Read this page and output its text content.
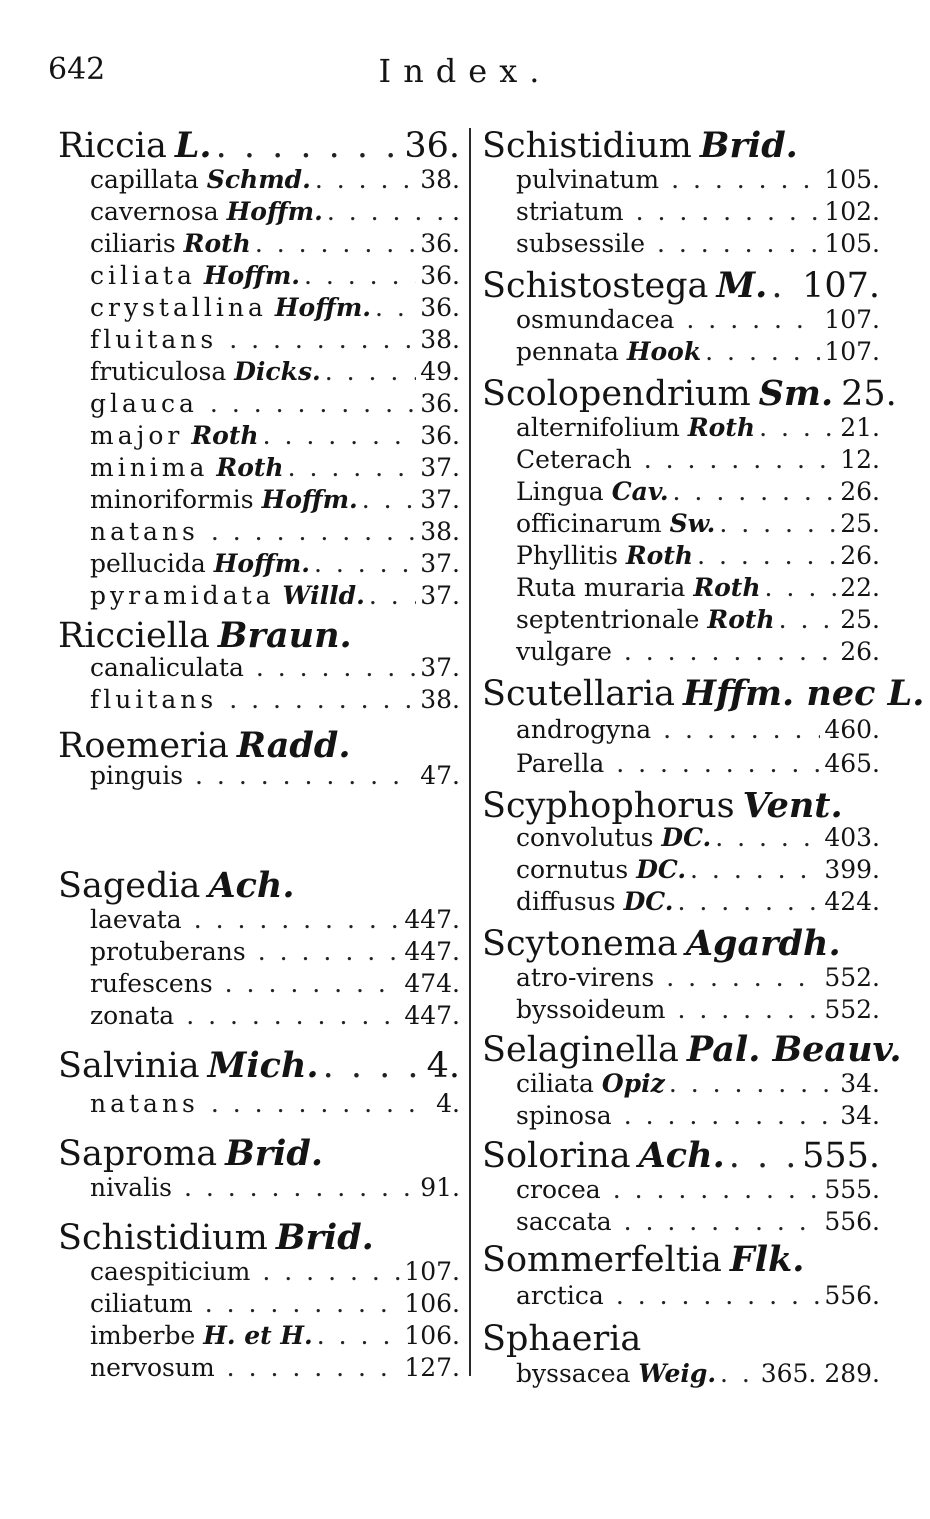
642	Index.
Riccia L. . . .	36.
capillata Schmd. . . .	38.
cavernosa Hoffm. . . .	.
ciliaris Roth . . .	36.
ciliata Hoffm. . . .	36.
crystallina Hoffm. . . . 36.
fluitans . . .	38.
fruticulosa Dicks. . . .	49.
glauca . . .	36.
major Roth . . .	36.
minima Roth . . .	37.
minoriformis Hoffm. . . .	37.
natans . . .	38.
pellucida Hoffm. . . .	37.
pyramidata Willd. . . . 37.
Ricciella Braun.
canaliculata . . .	37.
fluitans . . .	38.
Roemeria Radd.
pinguis . . .	47.
Sagedia Ach.
laevata . . .	447.
protuberans . . .	447.
rufescens . . .	474.
zonata . . .	447.
Salvinia Mich. . . .	4.
natans . . .	4.
Saproma Brid.
nivalis . . .	91.
Schistidium Brid.
caespiticium . . .	107.
ciliatum . . .	106.
imberbe H. et H. . . .	106.
nervosum . . .	127.
Schistidium Brid.
pulvinatum . . .	105.
striatum . . .	102.
subsessile . . .	105.
Schistostega M. . . . 107.
osmundacea . . .	107.
pennata Hook . . .	107.
Scolopendrium Sm. 25.
alternifolium Roth . . .	21.
Ceterach . . .	12.
Lingua Cav. . . .	26.
officinarum Sw. . . .	25.
Phyllitis Roth . . .	26.
Ruta muraria Roth . . .	22.
septentrionale Roth . . .	25.
vulgare . . .	26.
Scutellaria Hffm. nec L.
androgyna . . .	460.
Parella . . .	465.
Scyphophorus Vent.
convolutus DC. . . .	403.
cornutus DC. . . .	399.
diffusus DC. . . .	424.
Scytonema Agardh.
atro-virens . . .	552.
byssoideum . . .	552.
Selaginella Pal. Beauv.
ciliata Opiz . . .	34.
spinosa . . .	34.
Solorina Ach. . . . 555.
crocea . . .	555.
saccata . . .	556.
Sommerfeltia Flk.
arctica . . .	556.
Sphaeria
byssacea Weig. . . . 365. 289.
